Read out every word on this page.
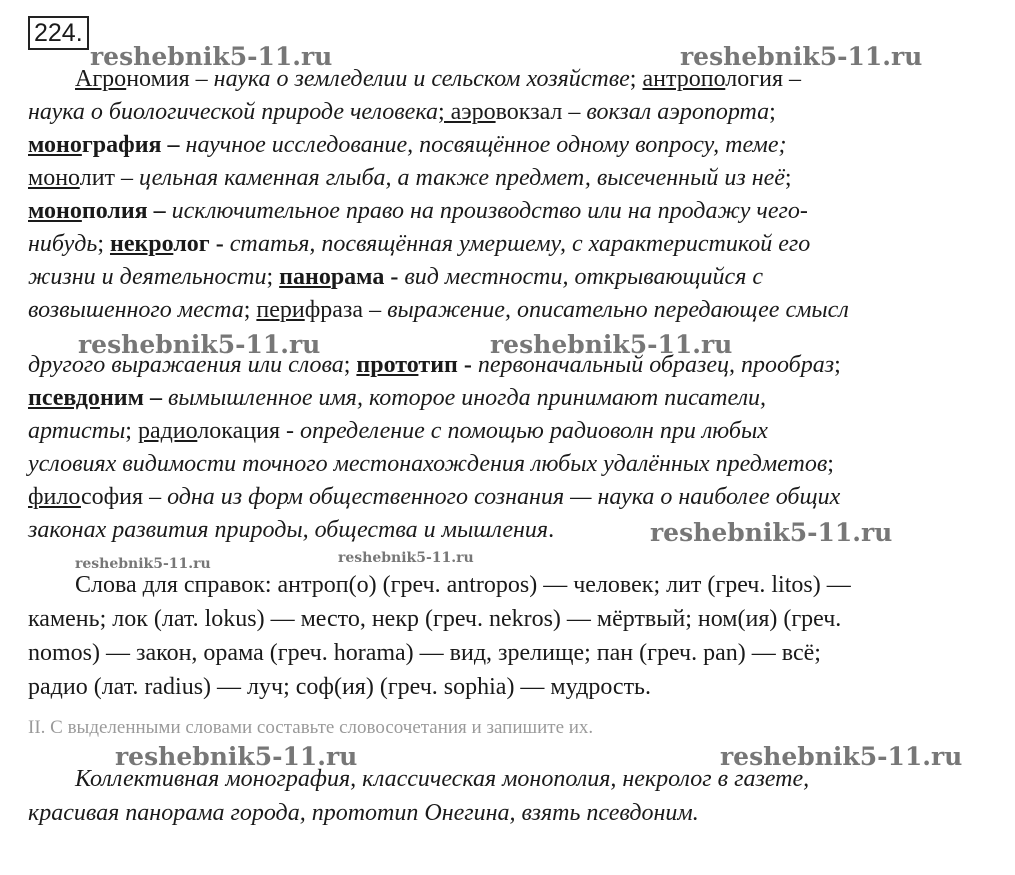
224.
reshebnik5-11.ru	reshebnik5-11.ru
reshebnik5-11.ru	reshebnik5-11.ru
reshebnik5-11.ru
reshebnik5-11.ru	reshebnik5-11.ru
reshebnik5-11.ru	reshebnik5-11.ru
Агрономия – наука о земледелии и сельском хозяйстве; антропология –
наука о биологической природе человека; аэровокзал – вокзал аэропорта;
монография – научное исследование, посвящённое одному вопросу, теме;
монолит – цельная каменная глыба, а также предмет, высеченный из неё;
монополия – исключительное право на производство или на продажу чего-
нибудь; некролог - статья, посвящённая умершему, с характеристикой его
жизни и деятельности; панорама - вид местности, открывающийся с
возвышенного места; перифраза – выражение, описательно передающее смысл
другого выражаения или слова; прототип - первоначальный образец, прообраз;
псевдоним – вымышленное имя, которое иногда принимают писатели,
артисты; радиолокация - определение с помощью радиоволн при любых
условиях видимости точного местонахождения любых удалённых предметов;
философия – одна из форм общественного сознания — наука о наиболее общих
законах развития природы, общества и мышления.
Слова для справок: антроп(о) (греч. antropos) — человек; лит (греч. litos) —
камень; лок (лат. lokus) — место, некр (греч. nekros) — мёртвый; ном(ия) (греч.
nomos) — закон, орама (греч. horama) — вид, зрелище; пан (греч. pan) — всё;
радио (лат. radius) — луч; соф(ия) (греч. sophia) — мудрость.
II. С выделенными словами составьте словосочетания и запишите их.
Коллективная монография, классическая монополия, некролог в газете,
красивая панорама города, прототип Онегина, взять псевдоним.
